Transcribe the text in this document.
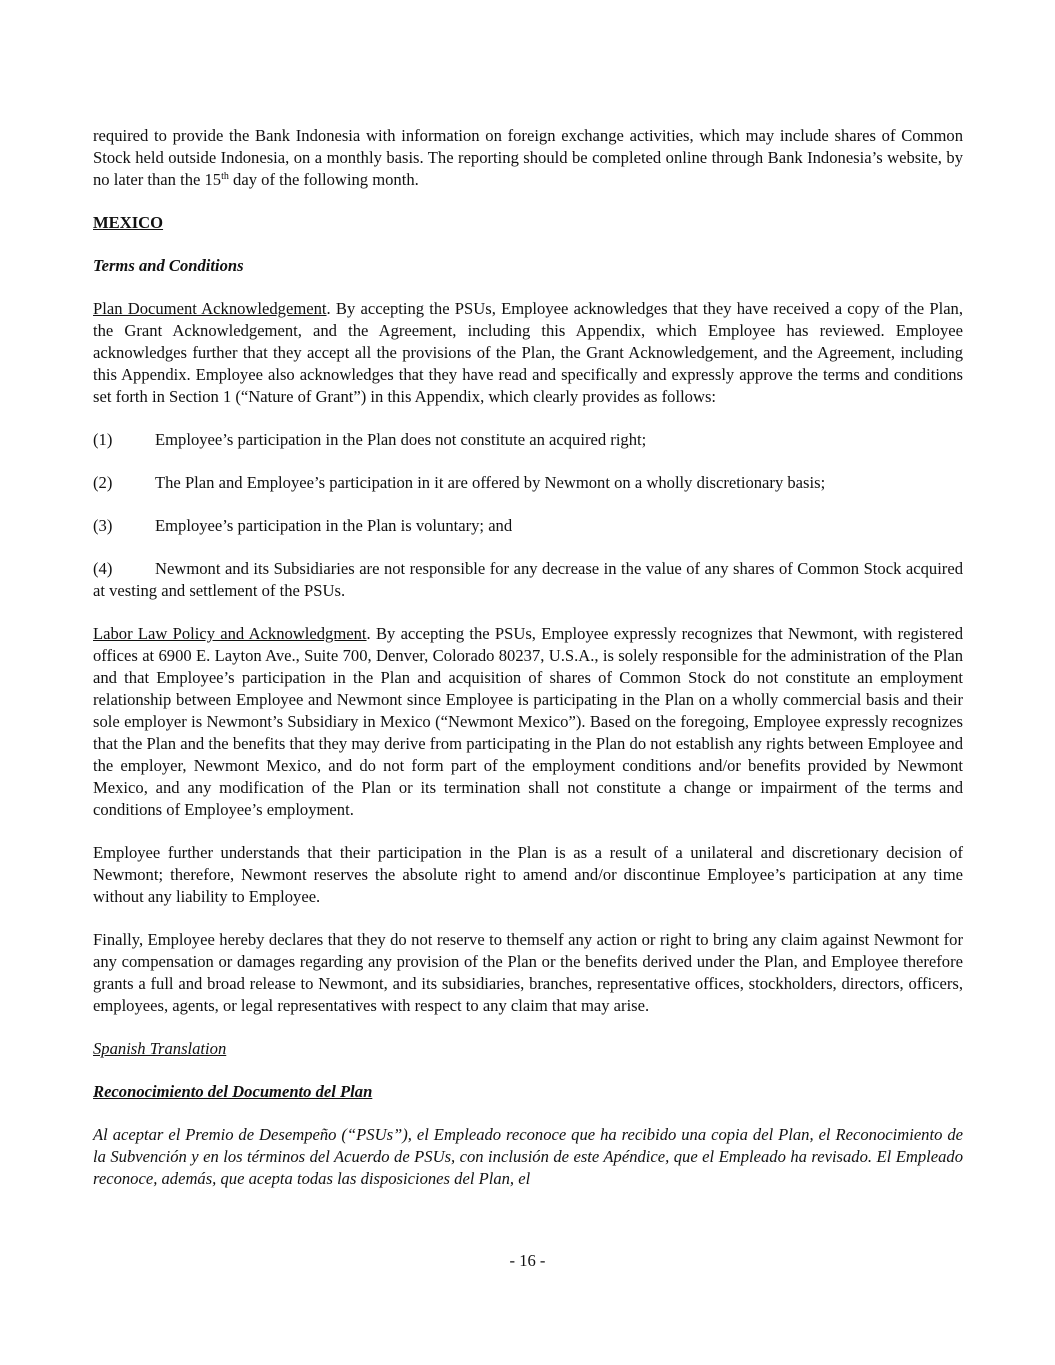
required to provide the Bank Indonesia with information on foreign exchange activities, which may include shares of Common Stock held outside Indonesia, on a monthly basis. The reporting should be completed online through Bank Indonesia’s website, by no later than the 15th day of the following month.

MEXICO

Terms and Conditions

Plan Document Acknowledgement. By accepting the PSUs, Employee acknowledges that they have received a copy of the Plan, the Grant Acknowledgement, and the Agreement, including this Appendix, which Employee has reviewed. Employee acknowledges further that they accept all the provisions of the Plan, the Grant Acknowledgement, and the Agreement, including this Appendix. Employee also acknowledges that they have read and specifically and expressly approve the terms and conditions set forth in Section 1 (“Nature of Grant”) in this Appendix, which clearly provides as follows:

(1)	Employee’s participation in the Plan does not constitute an acquired right;
(2)	The Plan and Employee’s participation in it are offered by Newmont on a wholly discretionary basis;
(3)	Employee’s participation in the Plan is voluntary; and

(4)	Newmont and its Subsidiaries are not responsible for any decrease in the value of any shares of Common Stock acquired at vesting and settlement of the PSUs.

Labor Law Policy and Acknowledgment. By accepting the PSUs, Employee expressly recognizes that Newmont, with registered offices at 6900 E. Layton Ave., Suite 700, Denver, Colorado 80237, U.S.A., is solely responsible for the administration of the Plan and that Employee’s participation in the Plan and acquisition of shares of Common Stock do not constitute an employment relationship between Employee and Newmont since Employee is participating in the Plan on a wholly commercial basis and their sole employer is Newmont’s Subsidiary in Mexico (“Newmont Mexico”). Based on the foregoing, Employee expressly recognizes that the Plan and the benefits that they may derive from participating in the Plan do not establish any rights between Employee and the employer, Newmont Mexico, and do not form part of the employment conditions and/or benefits provided by Newmont Mexico, and any modification of the Plan or its termination shall not constitute a change or impairment of the terms and conditions of Employee’s employment.

Employee further understands that their participation in the Plan is as a result of a unilateral and discretionary decision of Newmont; therefore, Newmont reserves the absolute right to amend and/or discontinue Employee’s participation at any time without any liability to Employee.

Finally, Employee hereby declares that they do not reserve to themself any action or right to bring any claim against Newmont for any compensation or damages regarding any provision of the Plan or the benefits derived under the Plan, and Employee therefore grants a full and broad release to Newmont, and its subsidiaries, branches, representative offices, stockholders, directors, officers, employees, agents, or legal representatives with respect to any claim that may arise.

Spanish Translation

Reconocimiento del Documento del Plan

Al aceptar el Premio de Desempeño (“PSUs”), el Empleado reconoce que ha recibido una copia del Plan, el Reconocimiento de la Subvención y en los términos del Acuerdo de PSUs, con inclusión de este Apéndice, que el Empleado ha revisado. El Empleado reconoce, además, que acepta todas las disposiciones del Plan, el

- 16 -
